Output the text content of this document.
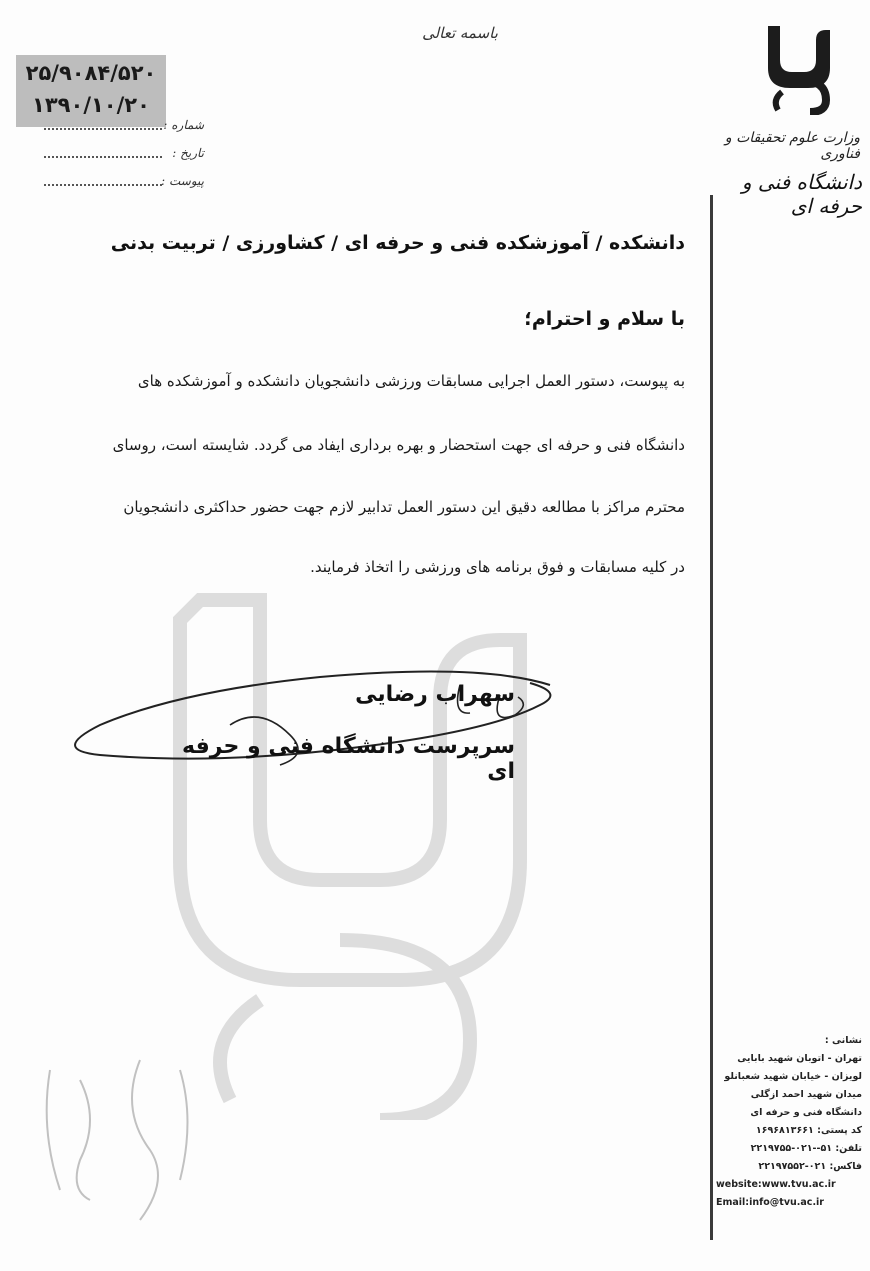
باسمه تعالی
۲۵/۹۰۸۴/۵۲۰
۱۳۹۰/۱۰/۲۰
شماره :
تاریخ :
پیوست :
وزارت علوم تحقیقات و فناوری
دانشگاه فنی و حرفه ای
دانشکده / آموزشکده فنی و حرفه ای / کشاورزی / تربیت بدنی
با سلام و احترام؛
به پیوست، دستور العمل اجرایی مسابقات ورزشی دانشجویان دانشکده و آموزشکده های
دانشگاه فنی و حرفه ای جهت استحضار و بهره برداری ایفاد می گردد. شایسته است، روسای
محترم مراکز با مطالعه دقیق این دستور العمل تدابیر لازم جهت حضور حداکثری دانشجویان
در کلیه مسابقات و فوق برنامه های ورزشی را اتخاذ فرمایند.
سهراب رضایی
سرپرست دانشگاه فنی و حرفه ای
نشانی :
تهران - اتوبان شهید بابایی
لویزان - خیابان شهید شعبانلو
میدان شهید احمد ازگلی
دانشگاه فنی و حرفه ای
کد پستی: ۱۶۹۶۸۱۳۶۶۱
تلفن: ۵۱--۰۲۱-۲۲۱۹۷۵۵
فاکس: ۰۲۱-۲۲۱۹۷۵۵۲
website:www.tvu.ac.ir
Email:info@tvu.ac.ir
